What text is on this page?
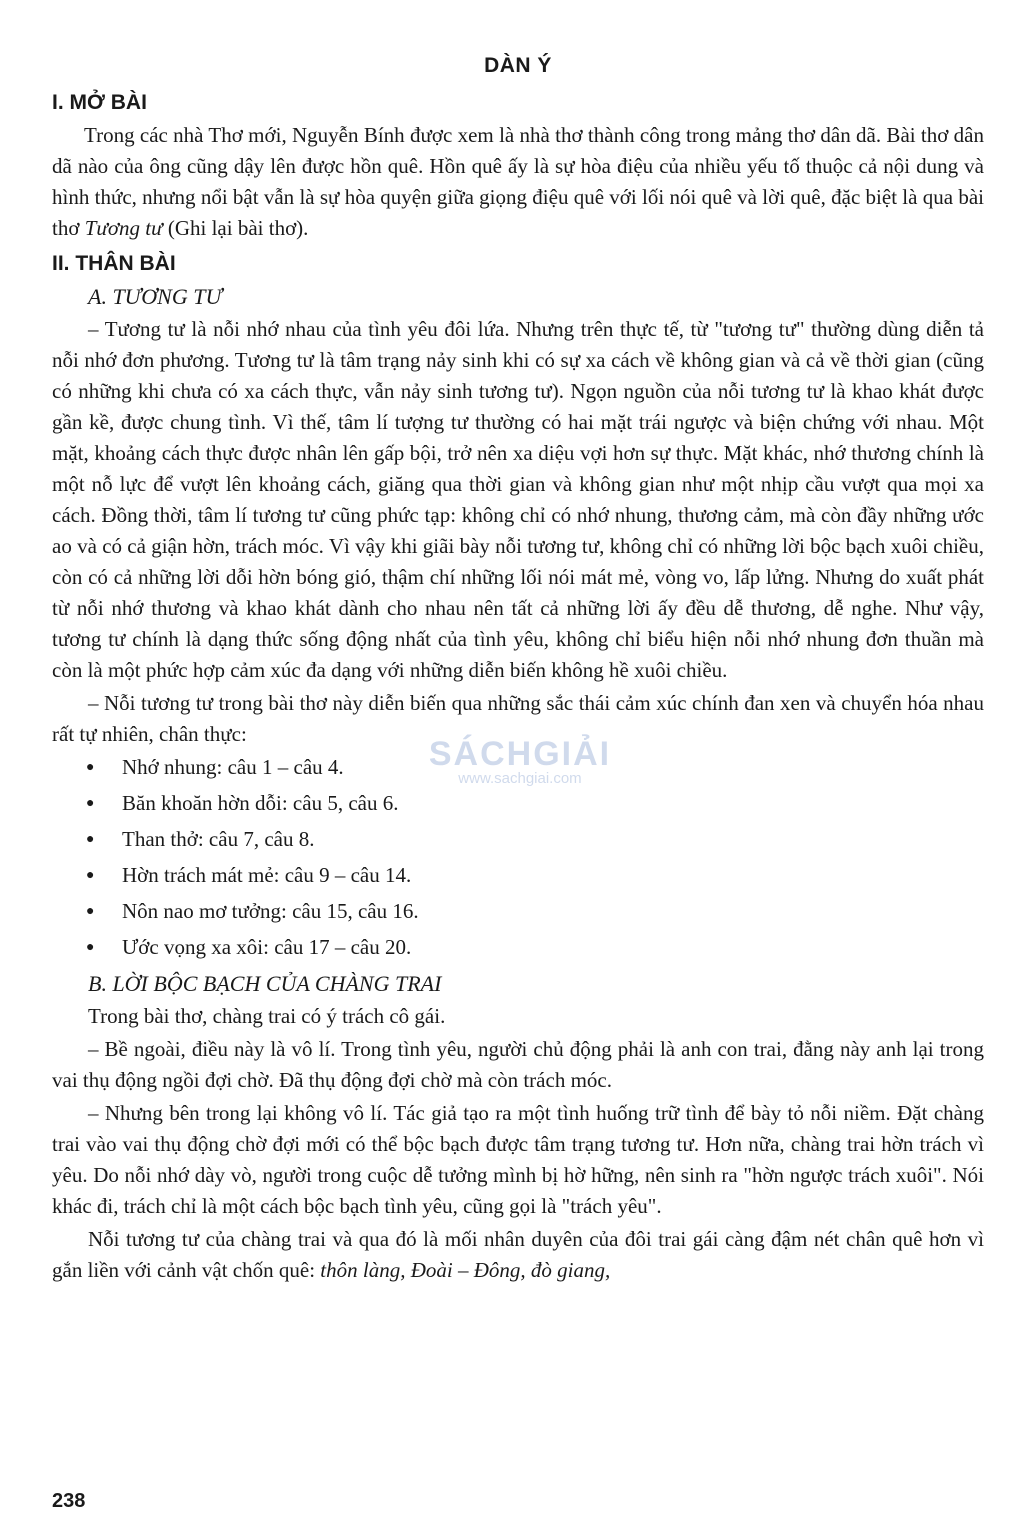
DÀN Ý
I. MỞ BÀI

Trong các nhà Thơ mới, Nguyễn Bính được xem là nhà thơ thành công trong mảng thơ dân dã. Bài thơ dân dã nào của ông cũng dậy lên được hồn quê. Hồn quê ấy là sự hòa điệu của nhiều yếu tố thuộc cả nội dung và hình thức, nhưng nổi bật vẫn là sự hòa quyện giữa giọng điệu quê với lối nói quê và lời quê, đặc biệt là qua bài thơ Tương tư (Ghi lại bài thơ).

II. THÂN BÀI
A. TƯƠNG TƯ

– Tương tư là nỗi nhớ nhau của tình yêu đôi lứa. Nhưng trên thực tế, từ "tương tư" thường dùng diễn tả nỗi nhớ đơn phương. Tương tư là tâm trạng nảy sinh khi có sự xa cách về không gian và cả về thời gian (cũng có những khi chưa có xa cách thực, vẫn nảy sinh tương tư). Ngọn nguồn của nỗi tương tư là khao khát được gần kề, được chung tình. Vì thế, tâm lí tượng tư thường có hai mặt trái ngược và biện chứng với nhau. Một mặt, khoảng cách thực được nhân lên gấp bội, trở nên xa diệu vợi hơn sự thực. Mặt khác, nhớ thương chính là một nỗ lực để vượt lên khoảng cách, giăng qua thời gian và không gian như một nhịp cầu vượt qua mọi xa cách. Đồng thời, tâm lí tương tư cũng phức tạp: không chỉ có nhớ nhung, thương cảm, mà còn đầy những ước ao và có cả giận hờn, trách móc. Vì vậy khi giãi bày nỗi tương tư, không chỉ có những lời bộc bạch xuôi chiều, còn có cả những lời dỗi hờn bóng gió, thậm chí những lối nói mát mẻ, vòng vo, lấp lửng. Nhưng do xuất phát từ nỗi nhớ thương và khao khát dành cho nhau nên tất cả những lời ấy đều dễ thương, dễ nghe. Như vậy, tương tư chính là dạng thức sống động nhất của tình yêu, không chỉ biểu hiện nỗi nhớ nhung đơn thuần mà còn là một phức hợp cảm xúc đa dạng với những diễn biến không hề xuôi chiều.

– Nỗi tương tư trong bài thơ này diễn biến qua những sắc thái cảm xúc chính đan xen và chuyển hóa nhau rất tự nhiên, chân thực:

● Nhớ nhung: câu 1 – câu 4.
● Băn khoăn hờn dỗi: câu 5, câu 6.
● Than thở: câu 7, câu 8.
● Hờn trách mát mẻ: câu 9 – câu 14.
● Nôn nao mơ tưởng: câu 15, câu 16.
● Ước vọng xa xôi: câu 17 – câu 20.
B. LỜI BỘC BẠCH CỦA CHÀNG TRAI

Trong bài thơ, chàng trai có ý trách cô gái.

– Bề ngoài, điều này là vô lí. Trong tình yêu, người chủ động phải là anh con trai, đằng này anh lại trong vai thụ động ngồi đợi chờ. Đã thụ động đợi chờ mà còn trách móc.

– Nhưng bên trong lại không vô lí. Tác giả tạo ra một tình huống trữ tình để bày tỏ nỗi niềm. Đặt chàng trai vào vai thụ động chờ đợi mới có thể bộc bạch được tâm trạng tương tư. Hơn nữa, chàng trai hờn trách vì yêu. Do nỗi nhớ dày vò, người trong cuộc dễ tưởng mình bị hờ hững, nên sinh ra "hờn ngược trách xuôi". Nói khác đi, trách chỉ là một cách bộc bạch tình yêu, cũng gọi là "trách yêu".

Nỗi tương tư của chàng trai và qua đó là mối nhân duyên của đôi trai gái càng đậm nét chân quê hơn vì gắn liền với cảnh vật chốn quê: thôn làng, Đoài – Đông, đò giang,

SÁCHGIẢI
www.sachgiai.com
238
